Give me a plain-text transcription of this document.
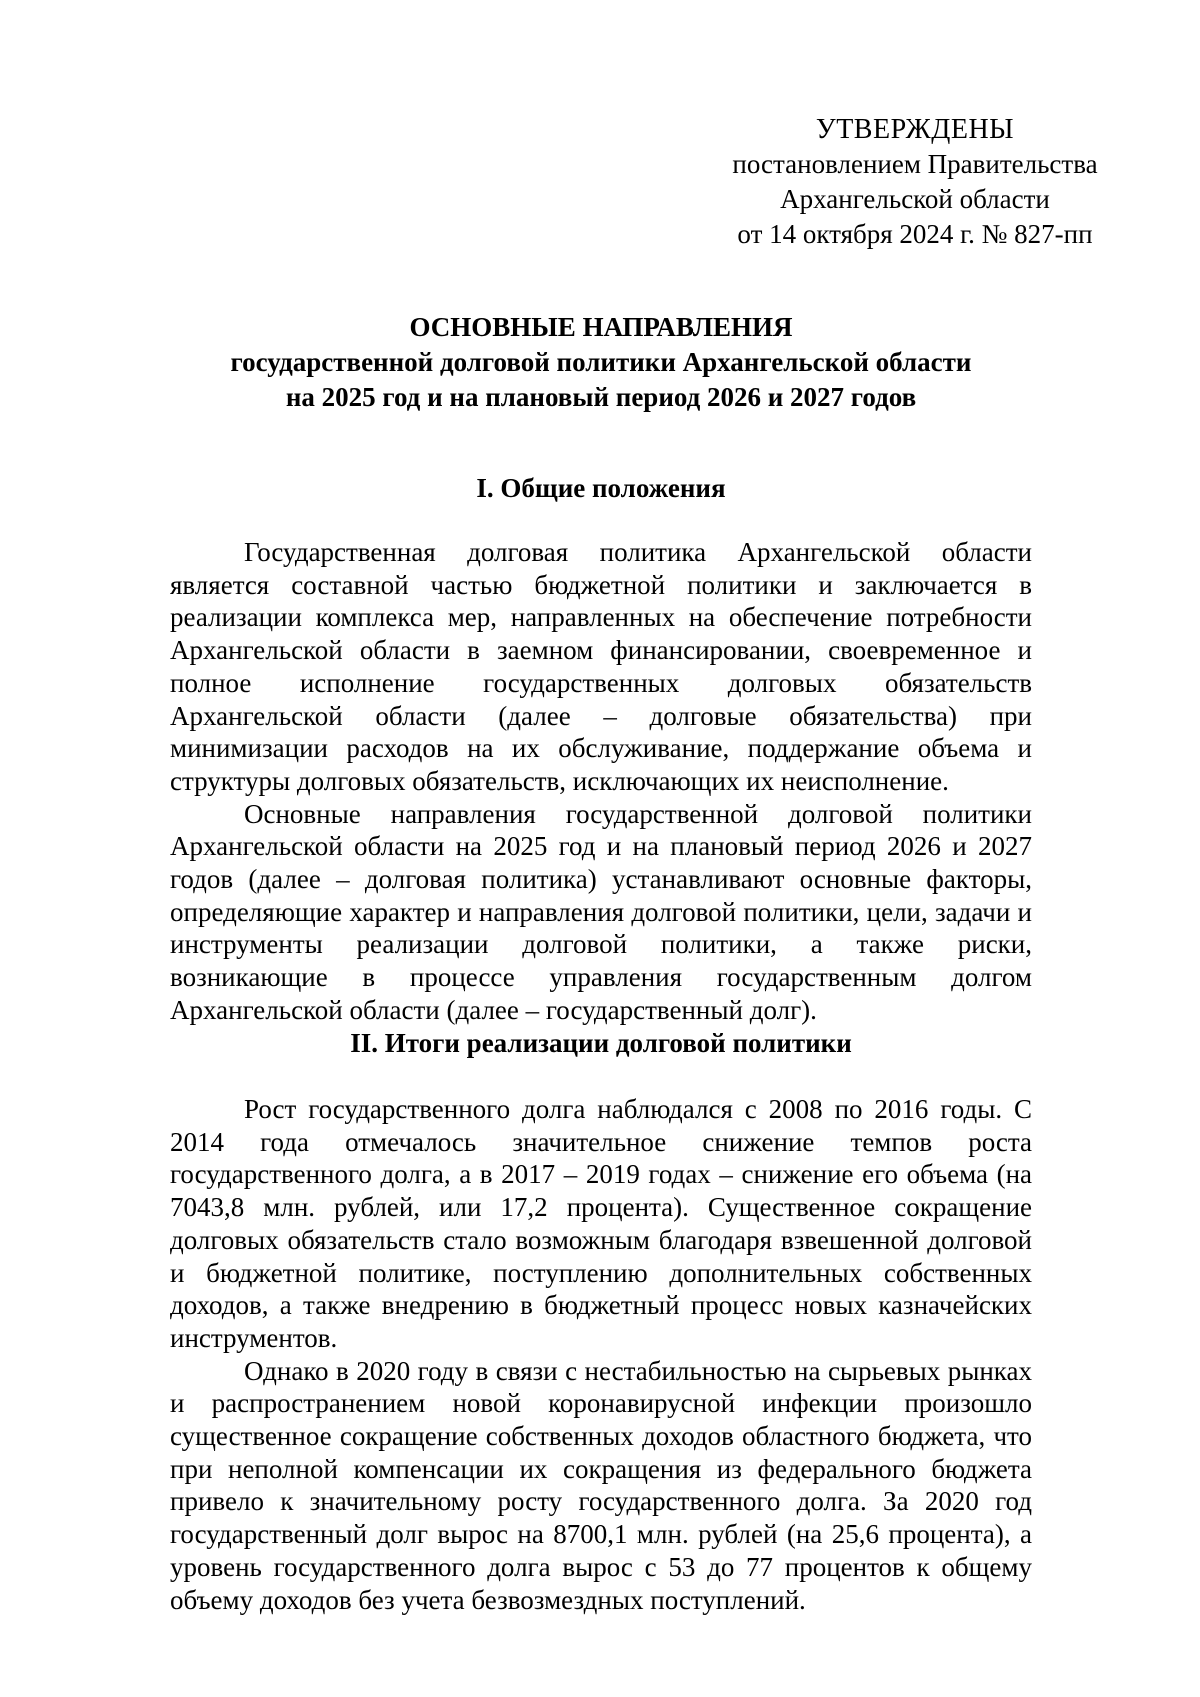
УТВЕРЖДЕНЫ
постановлением Правительства
Архангельской области
от 14 октября 2024 г. № 827-пп
ОСНОВНЫЕ НАПРАВЛЕНИЯ
государственной долговой политики Архангельской области
на 2025 год и на плановый период 2026 и 2027 годов
I. Общие положения

Государственная долговая политика Архангельской области является составной частью бюджетной политики и заключается в реализации комплекса мер, направленных на обеспечение потребности Архангельской области в заемном финансировании, своевременное и полное исполнение государственных долговых обязательств Архангельской области (далее – долговые обязательства) при минимизации расходов на их обслуживание, поддержание объема и структуры долговых обязательств, исключающих их неисполнение.

Основные направления государственной долговой политики Архангельской области на 2025 год и на плановый период 2026 и 2027 годов (далее – долговая политика) устанавливают основные факторы, определяющие характер и направления долговой политики, цели, задачи и инструменты реализации долговой политики, а также риски, возникающие в процессе управления государственным долгом Архангельской области (далее – государственный долг).

II. Итоги реализации долговой политики

Рост государственного долга наблюдался с 2008 по 2016 годы. С 2014 года отмечалось значительное снижение темпов роста государственного долга, а в 2017 – 2019 годах – снижение его объема (на 7043,8 млн. рублей, или 17,2 процента). Существенное сокращение долговых обязательств стало возможным благодаря взвешенной долговой и бюджетной политике, поступлению дополнительных собственных доходов, а также внедрению в бюджетный процесс новых казначейских инструментов.

Однако в 2020 году в связи с нестабильностью на сырьевых рынках и распространением новой коронавирусной инфекции произошло существенное сокращение собственных доходов областного бюджета, что при неполной компенсации их сокращения из федерального бюджета привело к значительному росту государственного долга. За 2020 год государственный долг вырос на 8700,1 млн. рублей (на 25,6 процента), а уровень государственного долга вырос с 53 до 77 процентов к общему объему доходов без учета безвозмездных поступлений.
